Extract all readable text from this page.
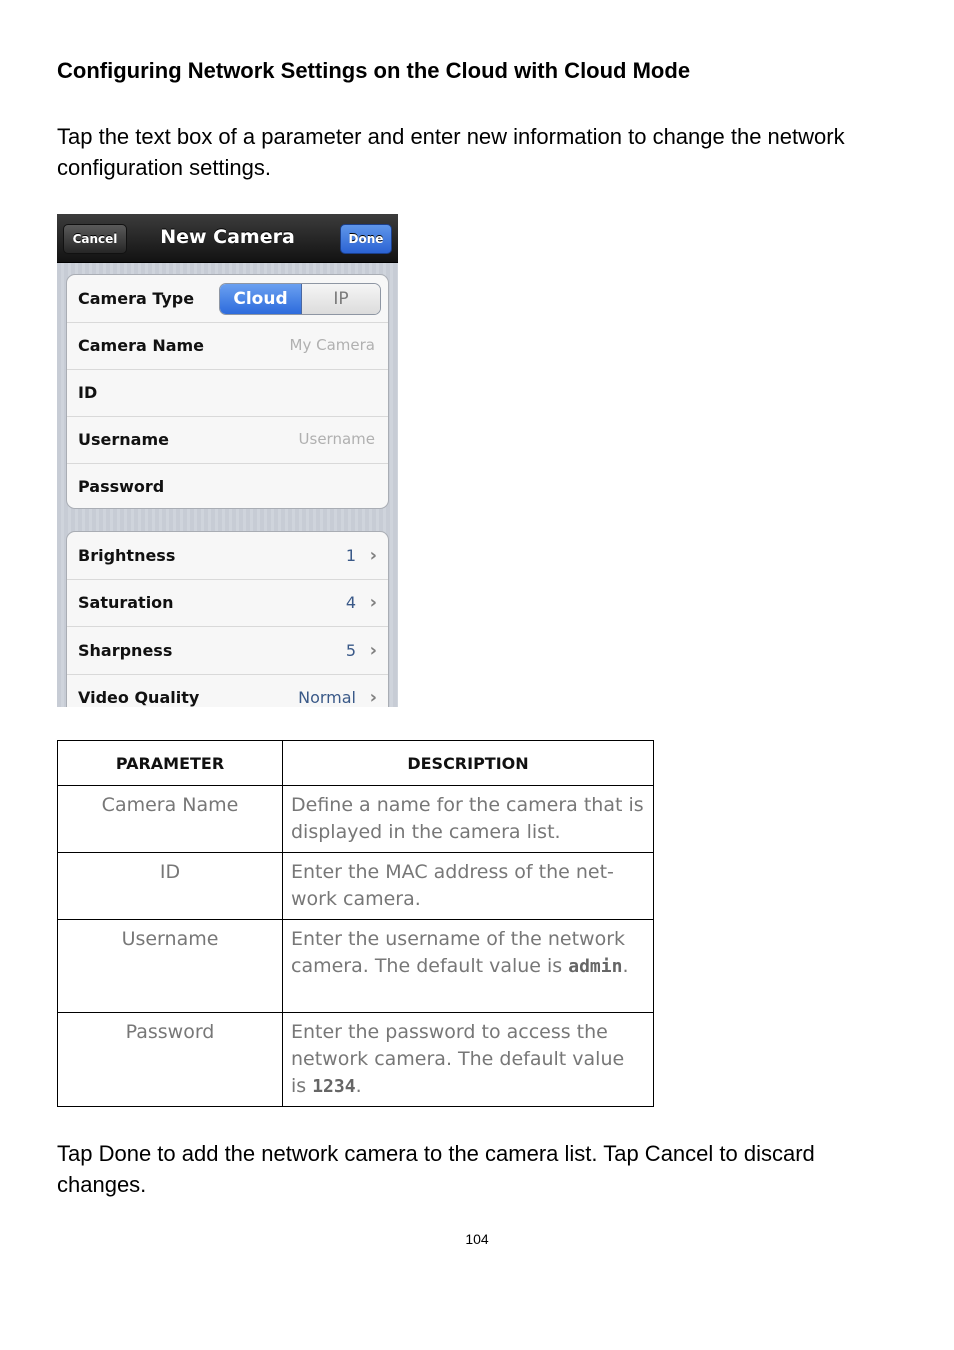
Configuring Network Settings on the Cloud with Cloud Mode
Tap the text box of a parameter and enter new information to change the network configuration settings.
Cancel	New Camera	Done
Camera Type	Cloud	IP
Camera Name	My Camera
ID
Username	Username
Password
Brightness	1 ›
Saturation	4 ›
Sharpness	5 ›
Video Quality	Normal ›
PARAMETER	DESCRIPTION
Camera Name	Define a name for the camera that is displayed in the camera list.
ID	Enter the MAC address of the net-work camera.
Username	Enter the username of the network camera. The default value is admin.
Password	Enter the password to access the network camera. The default value is 1234.
Tap Done to add the network camera to the camera list. Tap Cancel to discard changes.
104
